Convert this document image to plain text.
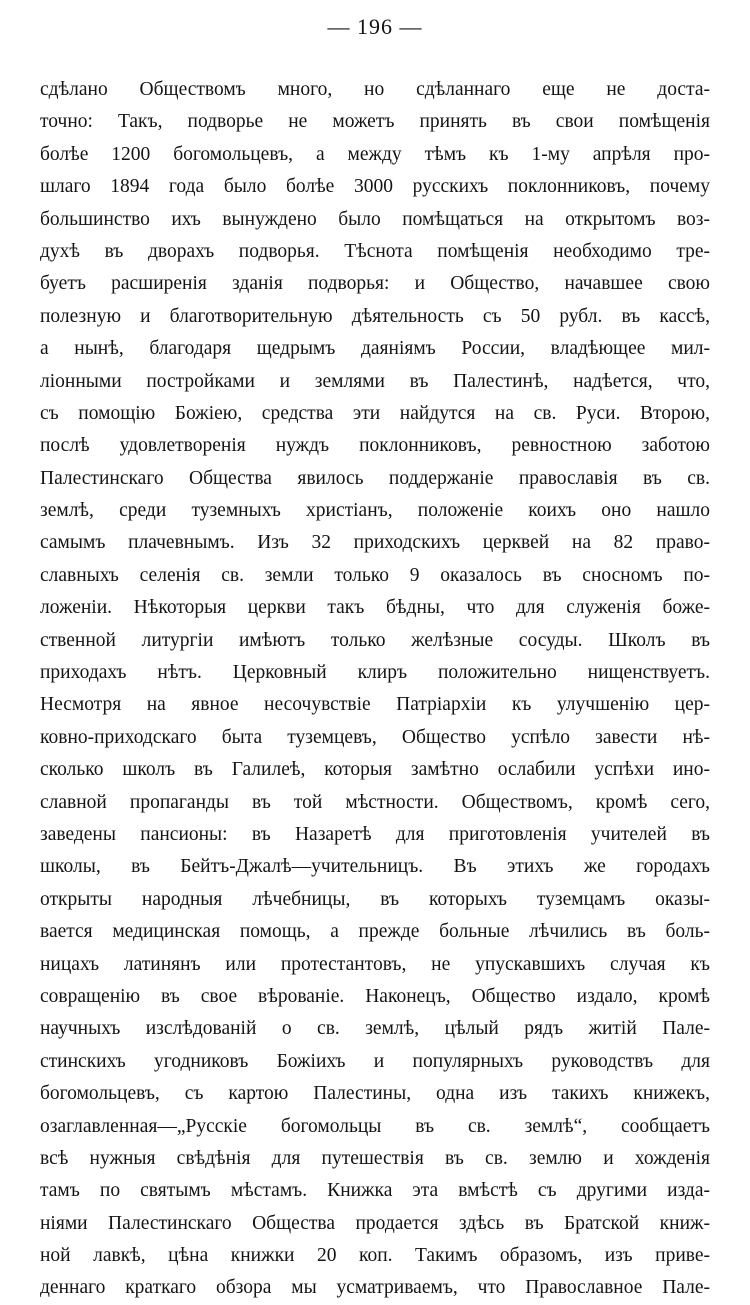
— 196 —
сдѣлано Обществомъ много, но сдѣланнаго еще не доста-
точно: Такъ, подворье не можетъ принять въ свои помѣщенія
болѣе 1200 богомольцевъ, а между тѣмъ къ 1-му апрѣля про-
шлаго 1894 года было болѣе 3000 русскихъ поклонниковъ, почему
большинство ихъ вынуждено было помѣщаться на открытомъ воз-
духѣ въ дворахъ подворья. Тѣснота помѣщенія необходимо тре-
буетъ расширенія зданія подворья: и Общество, начавшее свою
полезную и благотворительную дѣятельность съ 50 рубл. въ кассѣ,
а нынѣ, благодаря щедрымъ даяніямъ России, владѣющее мил-
ліонными постройками и землями въ Палестинѣ, надѣется, что,
съ помощію Божіею, средства эти найдутся на св. Руси. Второю,
послѣ удовлетворенія нуждъ поклонниковъ, ревностною заботою
Палестинскаго Общества явилось поддержаніе православія въ св.
землѣ, среди туземныхъ христіанъ, положеніе коихъ оно нашло
самымъ плачевнымъ. Изъ 32 приходскихъ церквей на 82 право-
славныхъ селенія св. земли только 9 оказалось въ сносномъ по-
ложеніи. Нѣкоторыя церкви такъ бѣдны, что для служенія боже-
ственной литургіи имѣютъ только желѣзные сосуды. Школъ въ
приходахъ нѣтъ. Церковный клиръ положительно нищенствуетъ.
Несмотря на явное несочувствіе Патріархіи къ улучшенію цер-
ковно-приходскаго быта туземцевъ, Общество успѣло завести нѣ-
сколько школъ въ Галилеѣ, которыя замѣтно ослабили успѣхи ино-
славной пропаганды въ той мѣстности. Обществомъ, кромѣ сего,
заведены пансионы: въ Назаретѣ для приготовленія учителей въ
школы, въ Бейтъ-Джалѣ—учительницъ. Въ этихъ же городахъ
открыты народныя лѣчебницы, въ которыхъ туземцамъ оказы-
вается медицинская помощь, а прежде больные лѣчились въ боль-
ницахъ латинянъ или протестантовъ, не упускавшихъ случая къ
совращенію въ свое вѣрованіе. Наконецъ, Общество издало, кромѣ
научныхъ изслѣдованій о св. землѣ, цѣлый рядъ житій Пале-
стинскихъ угодниковъ Божіихъ и популярныхъ руководствъ для
богомольцевъ, съ картою Палестины, одна изъ такихъ книжекъ,
озаглавленная—„Русскіе богомольцы въ св. землѣ“, сообщаетъ
всѣ нужныя свѣдѣнія для путешествія въ св. землю и хожденія
тамъ по святымъ мѣстамъ. Книжка эта вмѣстѣ съ другими изда-
ніями Палестинскаго Общества продается здѣсь въ Братской книж-
ной лавкѣ, цѣна книжки 20 коп. Такимъ образомъ, изъ приве-
деннаго краткаго обзора мы усматриваемъ, что Православное Пале-
